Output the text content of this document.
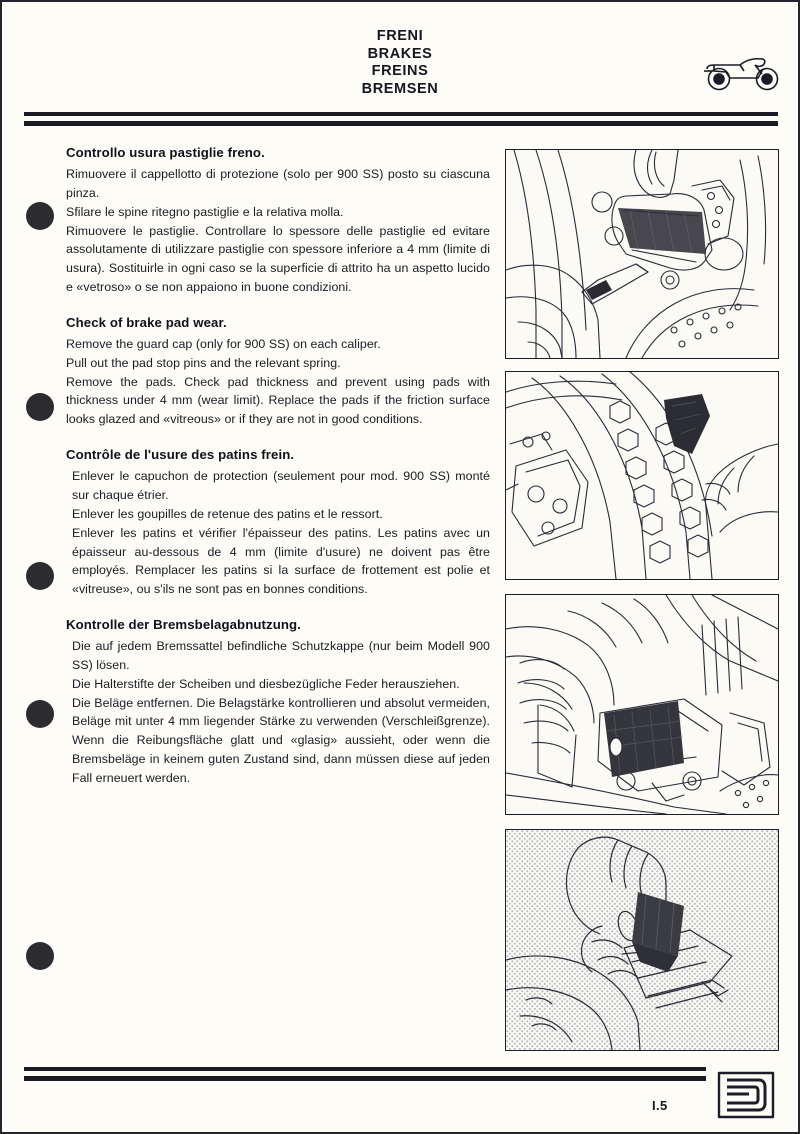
FRENI
BRAKES
FREINS
BREMSEN
Controllo usura pastiglie freno.

Rimuovere il cappellotto di protezione (solo per 900 SS) posto su ciascuna pinza.

Sfilare le spine ritegno pastiglie e la relativa molla.

Rimuovere le pastiglie. Controllare lo spessore delle pastiglie ed evitare assolutamente di utilizzare pastiglie con spessore inferiore a 4 mm (limite di usura). Sostituirle in ogni caso se la superficie di attrito ha un aspetto lucido e «vetroso» o se non appaiono in buone condizioni.

Check of brake pad wear.

Remove the guard cap (only for 900 SS) on each caliper.

Pull out the pad stop pins and the relevant spring.

Remove the pads. Check pad thickness and prevent using pads with thickness under 4 mm (wear limit). Replace the pads if the friction surface looks glazed and «vitreous» or if they are not in good conditions.

Contrôle de l'usure des patins frein.

Enlever le capuchon de protection (seulement pour mod. 900 SS) monté sur chaque étrier.

Enlever les goupilles de retenue des patins et le ressort.

Enlever les patins et vérifier l'épaisseur des patins. Les patins avec un épaisseur au-dessous de 4 mm (limite d'usure) ne doivent pas être employés. Remplacer les patins si la surface de frottement est polie et «vitreuse», ou s'ils ne sont pas en bonnes conditions.

Kontrolle der Bremsbelagabnutzung.

Die auf jedem Bremssattel befindliche Schutzkappe (nur beim Modell 900 SS) lösen.

Die Halterstifte der Scheiben und diesbezügliche Feder herausziehen.

Die Beläge entfernen. Die Belagstärke kontrollieren und absolut vermeiden, Beläge mit unter 4 mm liegender Stärke zu verwenden (Verschleißgrenze). Wenn die Reibungsfläche glatt und «glasig» aussieht, oder wenn die Bremsbeläge in keinem guten Zustand sind, dann müssen diese auf jeden Fall erneuert werden.

I.5
